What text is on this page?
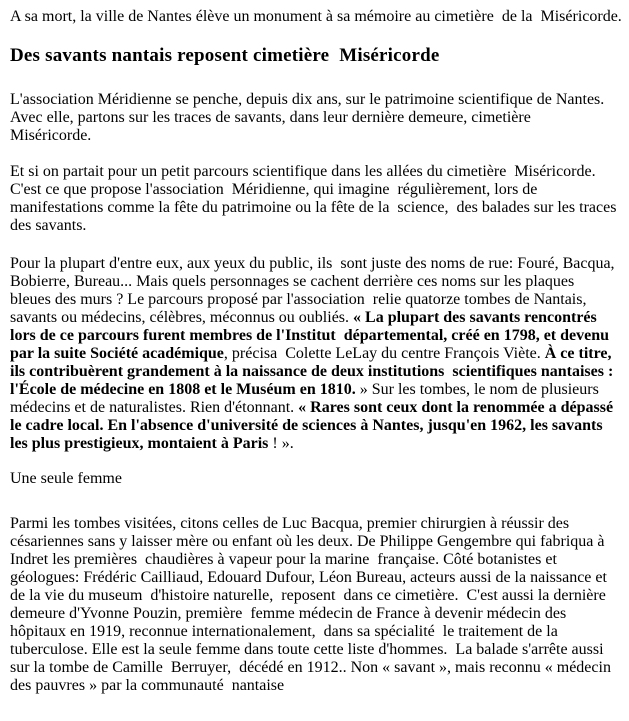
A sa mort, la ville de Nantes élève un monument à sa mémoire au cimetière  de la  Miséricorde.

Des savants nantais reposent cimetière  Miséricorde

L'association Méridienne se penche, depuis dix ans, sur le patrimoine scientifique de Nantes.
Avec elle, partons sur les traces de savants, dans leur dernière demeure, cimetière
Miséricorde.

Et si on partait pour un petit parcours scientifique dans les allées du cimetière  Miséricorde.
C'est ce que propose l'association  Méridienne, qui imagine  régulièrement, lors de
manifestations comme la fête du patrimoine ou la fête de la  science,  des balades sur les traces
des savants.

Pour la plupart d'entre eux, aux yeux du public, ils  sont juste des noms de rue: Fouré, Bacqua,
Bobierre, Bureau... Mais quels personnages se cachent derrière ces noms sur les plaques
bleues des murs ? Le parcours proposé par l'association  relie quatorze tombes de Nantais,
savants ou médecins, célèbres, méconnus ou oubliés. « La plupart des savants rencontrés
lors de ce parcours furent membres de l'Institut  départemental, créé en 1798, et devenu
par la suite Société académique, précisa  Colette LeLay du centre François Viète. À ce titre,
ils contribuèrent grandement à la naissance de deux institutions  scientifiques nantaises :
l'École de médecine en 1808 et le Muséum en 1810. » Sur les tombes, le nom de plusieurs
médecins et de naturalistes. Rien d'étonnant. « Rares sont ceux dont la renommée a dépassé
le cadre local. En l'absence d'université de sciences à Nantes, jusqu'en 1962, les savants
les plus prestigieux, montaient à Paris ! ».

Une seule femme

Parmi les tombes visitées, citons celles de Luc Bacqua, premier chirurgien à réussir des
césariennes sans y laisser mère ou enfant où les deux. De Philippe Gengembre qui fabriqua à
Indret les premières  chaudières à vapeur pour la marine  française. Côté botanistes et
géologues: Frédéric Cailliaud, Edouard Dufour, Léon Bureau, acteurs aussi de la naissance et
de la vie du museum  d'histoire naturelle,  reposent  dans ce cimetière.  C'est aussi la dernière
demeure d'Yvonne Pouzin, première  femme médecin de France à devenir médecin des
hôpitaux en 1919, reconnue internationalement,  dans sa spécialité  le traitement de la
tuberculose. Elle est la seule femme dans toute cette liste d'hommes.  La balade s'arrête aussi
sur la tombe de Camille  Berruyer,  décédé en 1912.. Non « savant », mais reconnu « médecin
des pauvres » par la communauté  nantaise
